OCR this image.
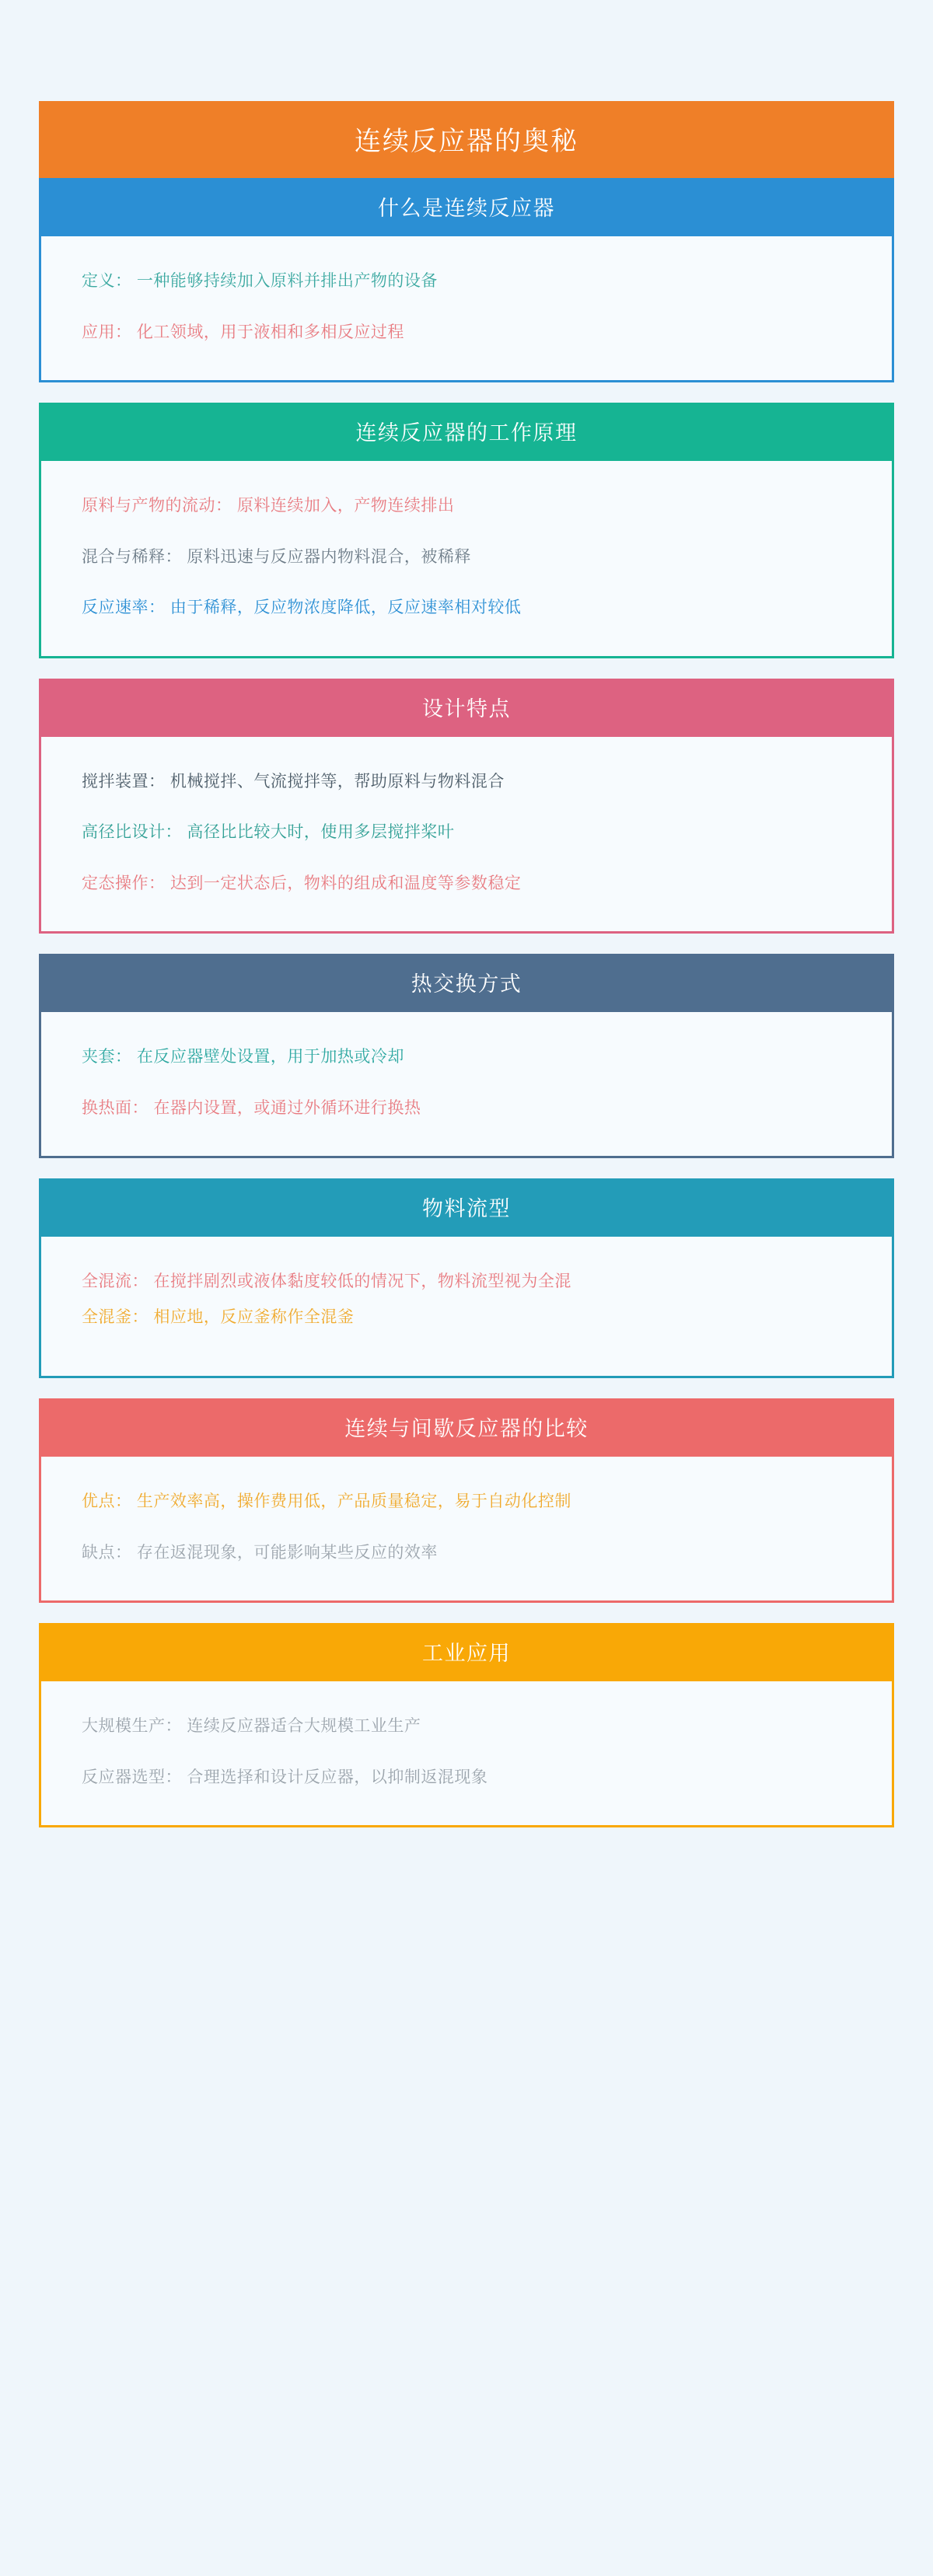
连续反应器的奥秘
什么是连续反应器

定义： 一种能够持续加入原料并排出产物的设备

应用： 化工领域，用于液相和多相反应过程

连续反应器的工作原理

原料与产物的流动： 原料连续加入，产物连续排出

混合与稀释： 原料迅速与反应器内物料混合，被稀释

反应速率： 由于稀释，反应物浓度降低，反应速率相对较低

设计特点

搅拌装置： 机械搅拌、气流搅拌等，帮助原料与物料混合

高径比设计： 高径比比较大时，使用多层搅拌桨叶

定态操作： 达到一定状态后，物料的组成和温度等参数稳定

热交换方式

夹套： 在反应器壁处设置，用于加热或冷却

换热面： 在器内设置，或通过外循环进行换热

物料流型

全混流： 在搅拌剧烈或液体黏度较低的情况下，物料流型视为全混

全混釜： 相应地，反应釜称作全混釜

连续与间歇反应器的比较

优点： 生产效率高，操作费用低，产品质量稳定，易于自动化控制

缺点： 存在返混现象，可能影响某些反应的效率

工业应用

大规模生产： 连续反应器适合大规模工业生产

反应器选型： 合理选择和设计反应器，以抑制返混现象
